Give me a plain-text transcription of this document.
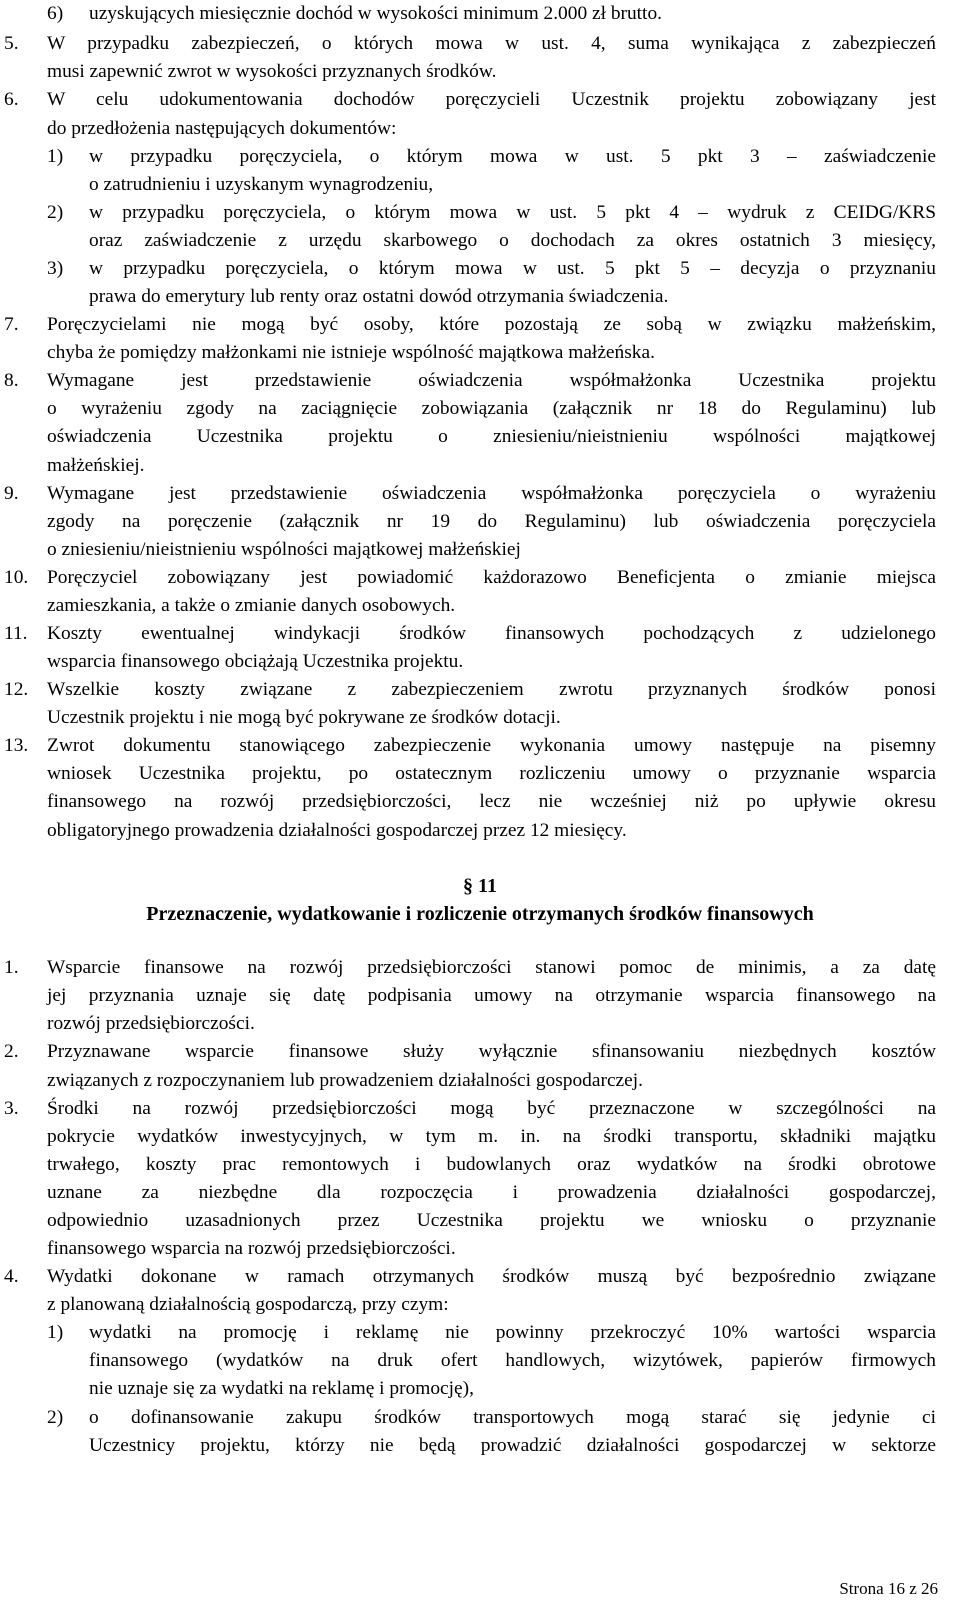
6) uzyskujących miesięcznie dochód w wysokości minimum 2.000 zł brutto.
5. W przypadku zabezpieczeń, o których mowa w ust. 4, suma wynikająca z zabezpieczeń
musi zapewnić zwrot w wysokości przyznanych środków.
6. W celu udokumentowania dochodów poręczycieli Uczestnik projektu zobowiązany jest
do przedłożenia następujących dokumentów:
1) w przypadku poręczyciela, o którym mowa w ust. 5 pkt 3 – zaświadczenie
o zatrudnieniu i uzyskanym wynagrodzeniu,
2) w przypadku poręczyciela, o którym mowa w ust. 5 pkt 4 – wydruk z CEIDG/KRS
oraz zaświadczenie z urzędu skarbowego o dochodach za okres ostatnich 3 miesięcy,
3) w przypadku poręczyciela, o którym mowa w ust. 5 pkt 5 – decyzja o przyznaniu
prawa do emerytury lub renty oraz ostatni dowód otrzymania świadczenia.
7. Poręczycielami nie mogą być osoby, które pozostają ze sobą w związku małżeńskim,
chyba że pomiędzy małżonkami nie istnieje wspólność majątkowa małżeńska.
8. Wymagane jest przedstawienie oświadczenia współmałżonka Uczestnika projektu
o wyrażeniu zgody na zaciągnięcie zobowiązania (załącznik nr 18 do Regulaminu) lub
oświadczenia Uczestnika projektu o zniesieniu/nieistnieniu wspólności majątkowej
małżeńskiej.
9. Wymagane jest przedstawienie oświadczenia współmałżonka poręczyciela o wyrażeniu
zgody na poręczenie (załącznik nr 19 do Regulaminu) lub oświadczenia poręczyciela
o zniesieniu/nieistnieniu wspólności majątkowej małżeńskiej
10. Poręczyciel zobowiązany jest powiadomić każdorazowo Beneficjenta o zmianie miejsca
zamieszkania, a także o zmianie danych osobowych.
11. Koszty ewentualnej windykacji środków finansowych pochodzących z udzielonego
wsparcia finansowego obciążają Uczestnika projektu.
12. Wszelkie koszty związane z zabezpieczeniem zwrotu przyznanych środków ponosi
Uczestnik projektu i nie mogą być pokrywane ze środków dotacji.
13. Zwrot dokumentu stanowiącego zabezpieczenie wykonania umowy następuje na pisemny
wniosek Uczestnika projektu, po ostatecznym rozliczeniu umowy o przyznanie wsparcia
finansowego na rozwój przedsiębiorczości, lecz nie wcześniej niż po upływie okresu
obligatoryjnego prowadzenia działalności gospodarczej przez 12 miesięcy.
§ 11
Przeznaczenie, wydatkowanie i rozliczenie otrzymanych środków finansowych
1. Wsparcie finansowe na rozwój przedsiębiorczości stanowi pomoc de minimis, a za datę
jej przyznania uznaje się datę podpisania umowy na otrzymanie wsparcia finansowego na
rozwój przedsiębiorczości.
2. Przyznawane wsparcie finansowe służy wyłącznie sfinansowaniu niezbędnych kosztów
związanych z rozpoczynaniem lub prowadzeniem działalności gospodarczej.
3. Środki na rozwój przedsiębiorczości mogą być przeznaczone w szczególności na
pokrycie wydatków inwestycyjnych, w tym m. in. na środki transportu, składniki majątku
trwałego, koszty prac remontowych i budowlanych oraz wydatków na środki obrotowe
uznane za niezbędne dla rozpoczęcia i prowadzenia działalności gospodarczej,
odpowiednio uzasadnionych przez Uczestnika projektu we wniosku o przyznanie
finansowego wsparcia na rozwój przedsiębiorczości.
4. Wydatki dokonane w ramach otrzymanych środków muszą być bezpośrednio związane
z planowaną działalnością gospodarczą, przy czym:
1) wydatki na promocję i reklamę nie powinny przekroczyć 10% wartości wsparcia
finansowego (wydatków na druk ofert handlowych, wizytówek, papierów firmowych
nie uznaje się za wydatki na reklamę i promocję),
2) o dofinansowanie zakupu środków transportowych mogą starać się jedynie ci
Uczestnicy projektu, którzy nie będą prowadzić działalności gospodarczej w sektorze
Strona 16 z 26
